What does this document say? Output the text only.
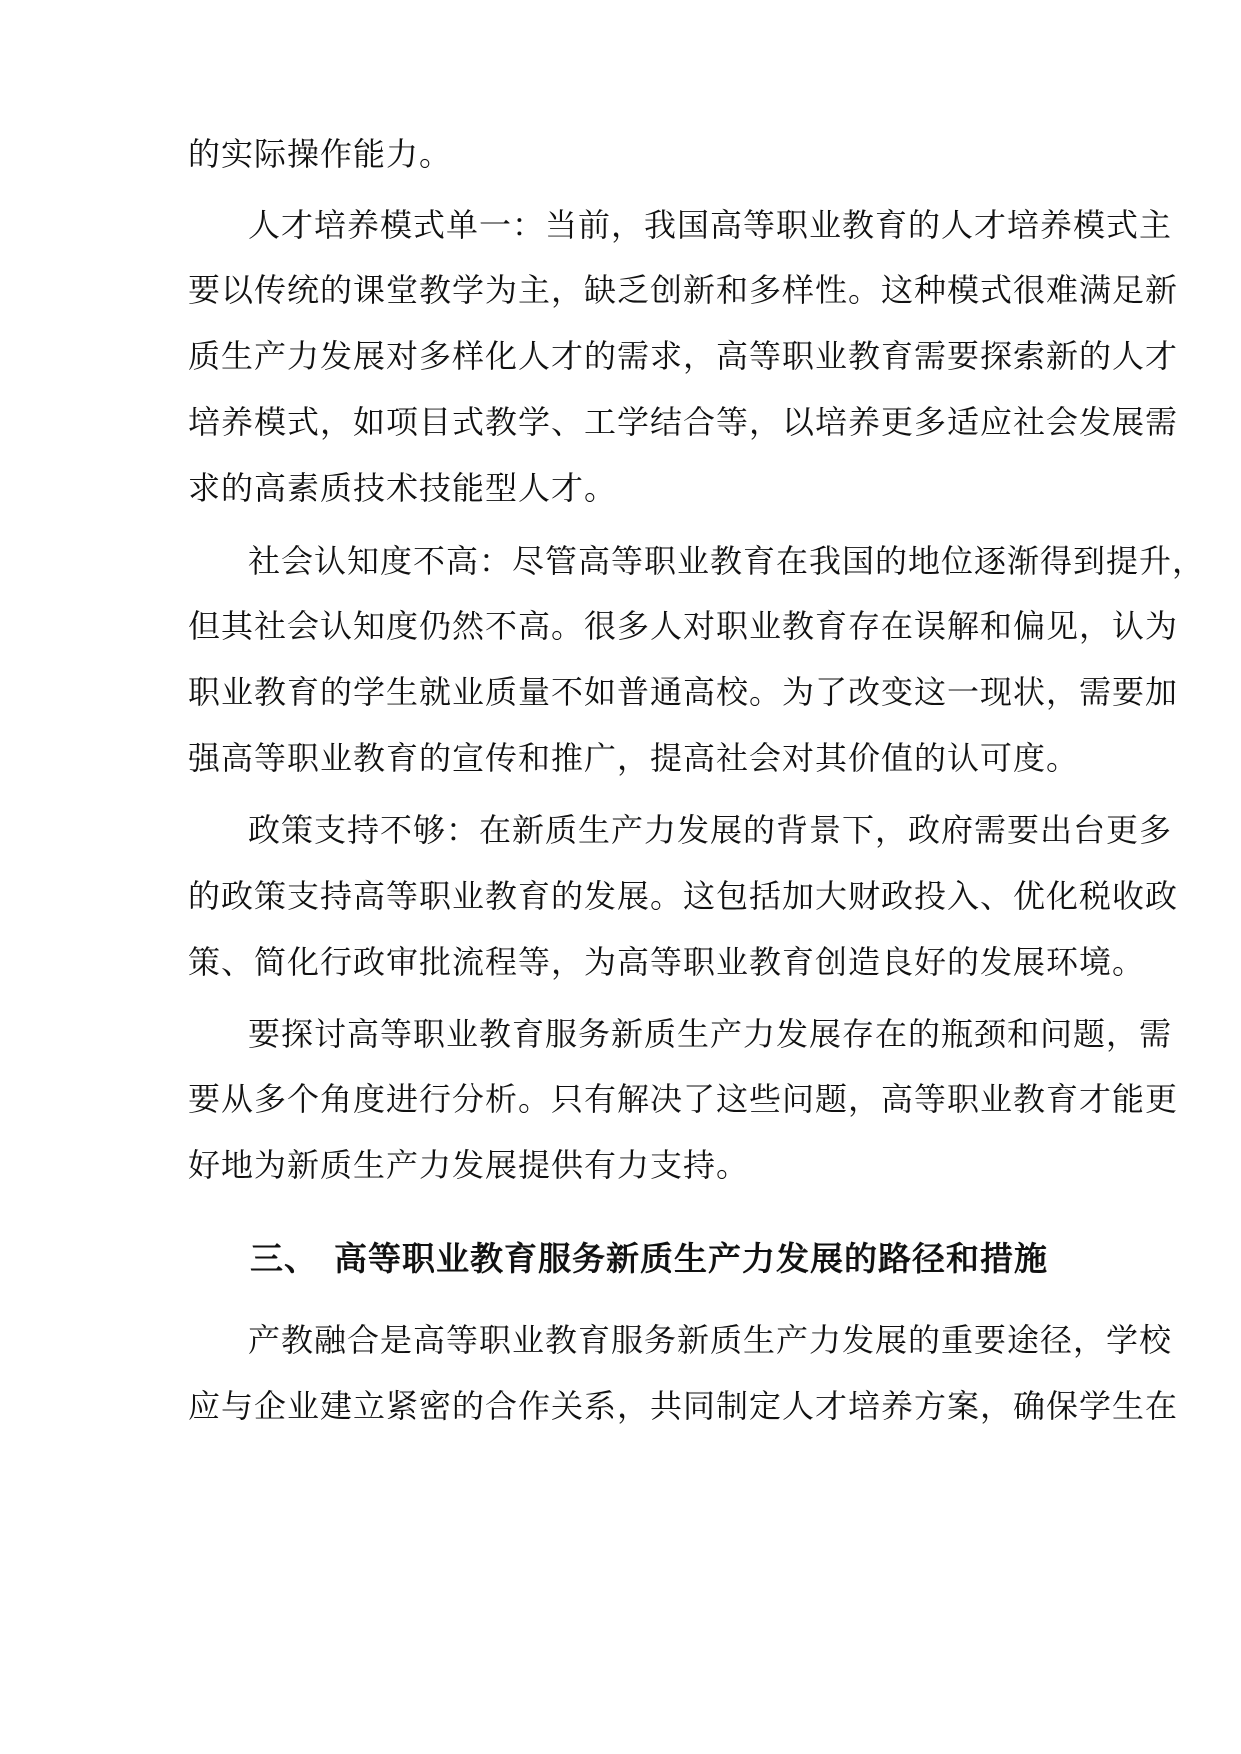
的实际操作能力。
人才培养模式单一：当前，我国高等职业教育的人才培养模式主
要以传统的课堂教学为主，缺乏创新和多样性。这种模式很难满足新
质生产力发展对多样化人才的需求，高等职业教育需要探索新的人才
培养模式，如项目式教学、工学结合等，以培养更多适应社会发展需
求的高素质技术技能型人才。
社会认知度不高：尽管高等职业教育在我国的地位逐渐得到提升，
但其社会认知度仍然不高。很多人对职业教育存在误解和偏见，认为
职业教育的学生就业质量不如普通高校。为了改变这一现状，需要加
强高等职业教育的宣传和推广，提高社会对其价值的认可度。
政策支持不够：在新质生产力发展的背景下，政府需要出台更多
的政策支持高等职业教育的发展。这包括加大财政投入、优化税收政
策、简化行政审批流程等，为高等职业教育创造良好的发展环境。
要探讨高等职业教育服务新质生产力发展存在的瓶颈和问题，需
要从多个角度进行分析。只有解决了这些问题，高等职业教育才能更
好地为新质生产力发展提供有力支持。
三、 高等职业教育服务新质生产力发展的路径和措施
产教融合是高等职业教育服务新质生产力发展的重要途径，学校
应与企业建立紧密的合作关系，共同制定人才培养方案，确保学生在
